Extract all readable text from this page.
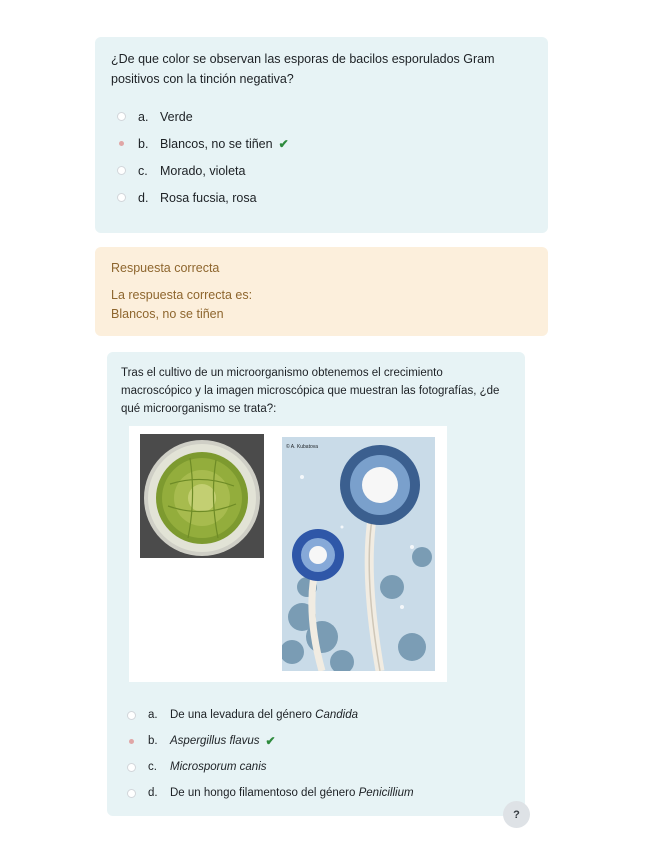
¿De que color se observan las esporas de bacilos esporulados Gram positivos con la tinción negativa?

a. Verde
b. Blancos, no se tiñen ✔
c. Morado, violeta
d. Rosa fucsia, rosa

Respuesta correcta

La respuesta correcta es:

Blancos, no se tiñen

Tras el cultivo de un microorganismo obtenemos el crecimiento macroscópico y la imagen microscópica que muestran las fotografías, ¿de qué microorganismo se trata?:

© A. Kubatova
a.	De una levadura del género Candida
b.	Aspergillus flavus ✔
c.	Microsporum canis
d.	De un hongo filamentoso del género Penicillium
?
